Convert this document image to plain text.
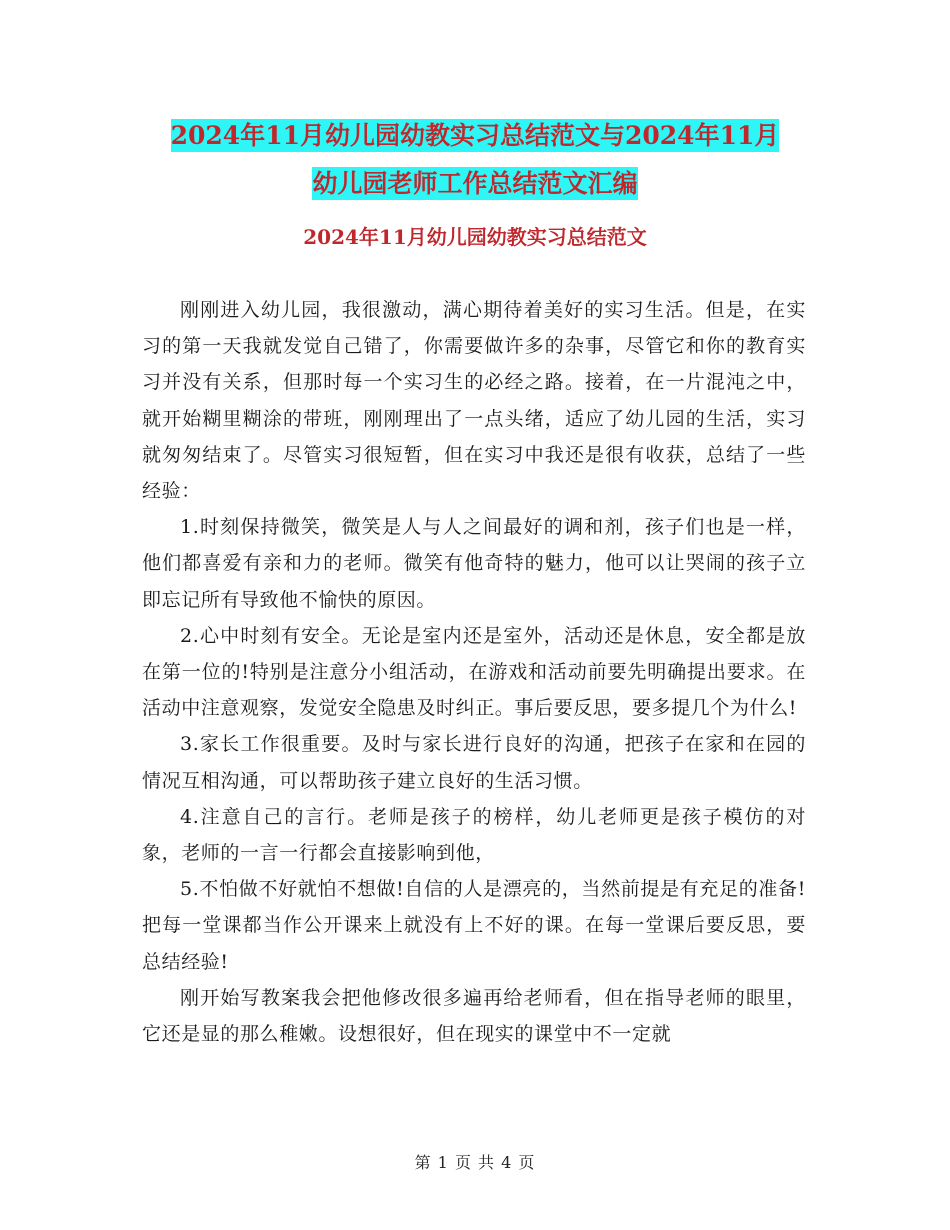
2024年11月幼儿园幼教实习总结范文与2024年11月
幼儿园老师工作总结范文汇编
2024年11月幼儿园幼教实习总结范文

刚刚进入幼儿园，我很激动，满心期待着美好的实习生活。但是，在实习的第一天我就发觉自己错了，你需要做许多的杂事，尽管它和你的教育实习并没有关系，但那时每一个实习生的必经之路。接着，在一片混沌之中，就开始糊里糊涂的带班，刚刚理出了一点头绪，适应了幼儿园的生活，实习就匆匆结束了。尽管实习很短暂，但在实习中我还是很有收获，总结了一些经验：

1.时刻保持微笑，微笑是人与人之间最好的调和剂，孩子们也是一样，他们都喜爱有亲和力的老师。微笑有他奇特的魅力，他可以让哭闹的孩子立即忘记所有导致他不愉快的原因。

2.心中时刻有安全。无论是室内还是室外，活动还是休息，安全都是放在第一位的!特别是注意分小组活动，在游戏和活动前要先明确提出要求。在活动中注意观察，发觉安全隐患及时纠正。事后要反思，要多提几个为什么!

3.家长工作很重要。及时与家长进行良好的沟通，把孩子在家和在园的情况互相沟通，可以帮助孩子建立良好的生活习惯。

4.注意自己的言行。老师是孩子的榜样，幼儿老师更是孩子模仿的对象，老师的一言一行都会直接影响到他，

5.不怕做不好就怕不想做!自信的人是漂亮的，当然前提是有充足的准备!把每一堂课都当作公开课来上就没有上不好的课。在每一堂课后要反思，要总结经验!

刚开始写教案我会把他修改很多遍再给老师看，但在指导老师的眼里，它还是显的那么稚嫩。设想很好，但在现实的课堂中不一定就

第 1 页 共 4 页
